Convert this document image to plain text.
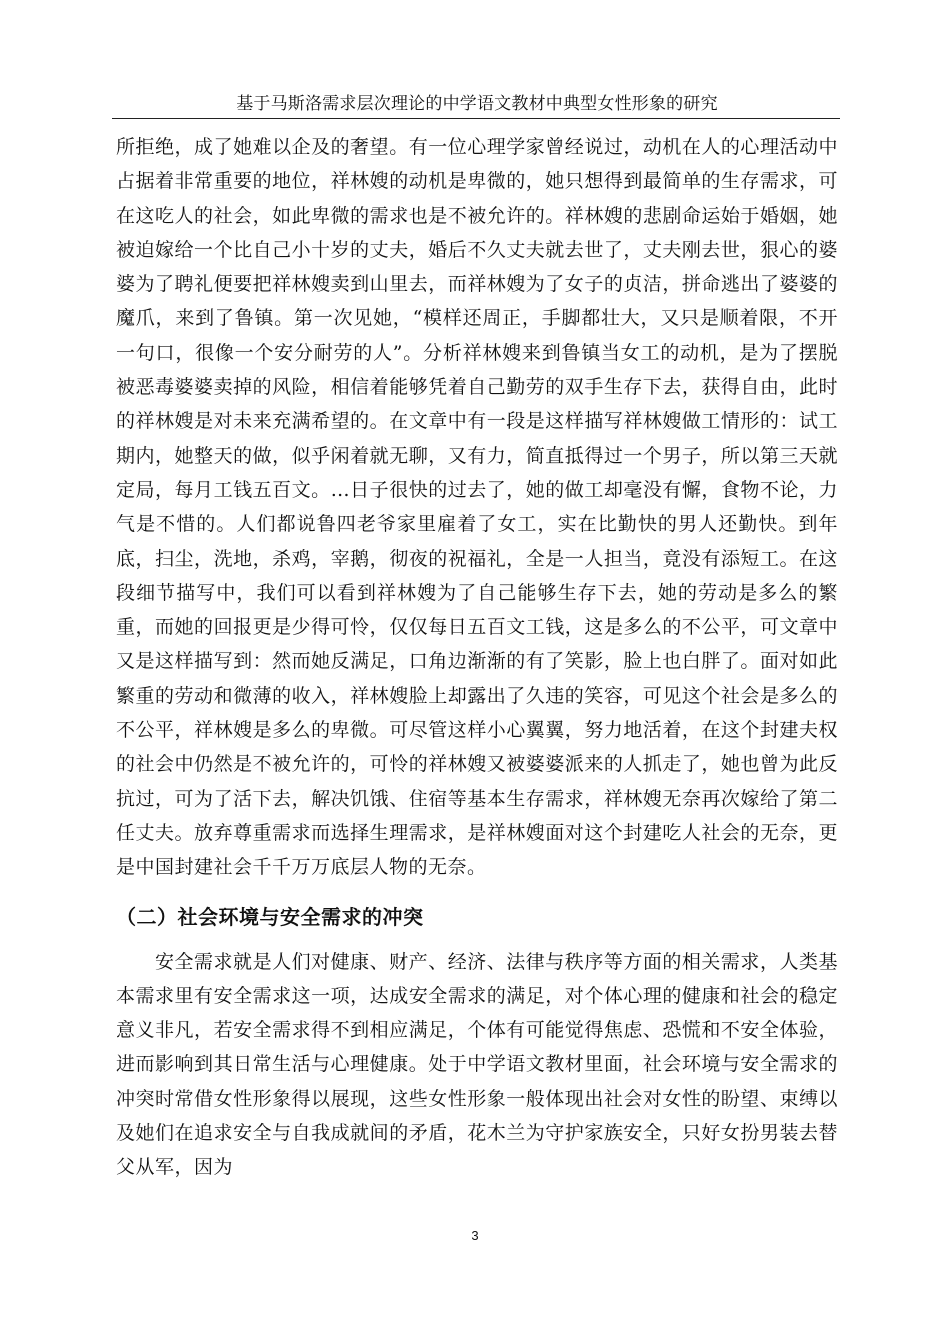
基于马斯洛需求层次理论的中学语文教材中典型女性形象的研究

所拒绝，成了她难以企及的奢望。有一位心理学家曾经说过，动机在人的心理活动中占据着非常重要的地位，祥林嫂的动机是卑微的，她只想得到最简单的生存需求，可在这吃人的社会，如此卑微的需求也是不被允许的。祥林嫂的悲剧命运始于婚姻，她被迫嫁给一个比自己小十岁的丈夫，婚后不久丈夫就去世了，丈夫刚去世，狠心的婆婆为了聘礼便要把祥林嫂卖到山里去，而祥林嫂为了女子的贞洁，拼命逃出了婆婆的魔爪，来到了鲁镇。第一次见她，“模样还周正，手脚都壮大，又只是顺着限，不开一句口，很像一个安分耐劳的人”。分析祥林嫂来到鲁镇当女工的动机，是为了摆脱被恶毒婆婆卖掉的风险，相信着能够凭着自己勤劳的双手生存下去，获得自由，此时的祥林嫂是对未来充满希望的。在文章中有一段是这样描写祥林嫂做工情形的：试工期内，她整天的做，似乎闲着就无聊，又有力，简直抵得过一个男子，所以第三天就定局，每月工钱五百文。…日子很快的过去了，她的做工却毫没有懈，食物不论，力气是不惜的。人们都说鲁四老爷家里雇着了女工，实在比勤快的男人还勤快。到年底，扫尘，洗地，杀鸡，宰鹅，彻夜的祝福礼，全是一人担当，竟没有添短工。在这段细节描写中，我们可以看到祥林嫂为了自己能够生存下去，她的劳动是多么的繁重，而她的回报更是少得可怜，仅仅每日五百文工钱，这是多么的不公平，可文章中又是这样描写到：然而她反满足，口角边渐渐的有了笑影，脸上也白胖了。面对如此繁重的劳动和微薄的收入，祥林嫂脸上却露出了久违的笑容，可见这个社会是多么的不公平，祥林嫂是多么的卑微。可尽管这样小心翼翼，努力地活着，在这个封建夫权的社会中仍然是不被允许的，可怜的祥林嫂又被婆婆派来的人抓走了，她也曾为此反抗过，可为了活下去，解决饥饿、住宿等基本生存需求，祥林嫂无奈再次嫁给了第二任丈夫。放弃尊重需求而选择生理需求，是祥林嫂面对这个封建吃人社会的无奈，更是中国封建社会千千万万底层人物的无奈。

（二）社会环境与安全需求的冲突

安全需求就是人们对健康、财产、经济、法律与秩序等方面的相关需求，人类基本需求里有安全需求这一项，达成安全需求的满足，对个体心理的健康和社会的稳定意义非凡，若安全需求得不到相应满足，个体有可能觉得焦虑、恐慌和不安全体验，进而影响到其日常生活与心理健康。处于中学语文教材里面，社会环境与安全需求的冲突时常借女性形象得以展现，这些女性形象一般体现出社会对女性的盼望、束缚以及她们在追求安全与自我成就间的矛盾，花木兰为守护家族安全，只好女扮男装去替父从军，因为

3
